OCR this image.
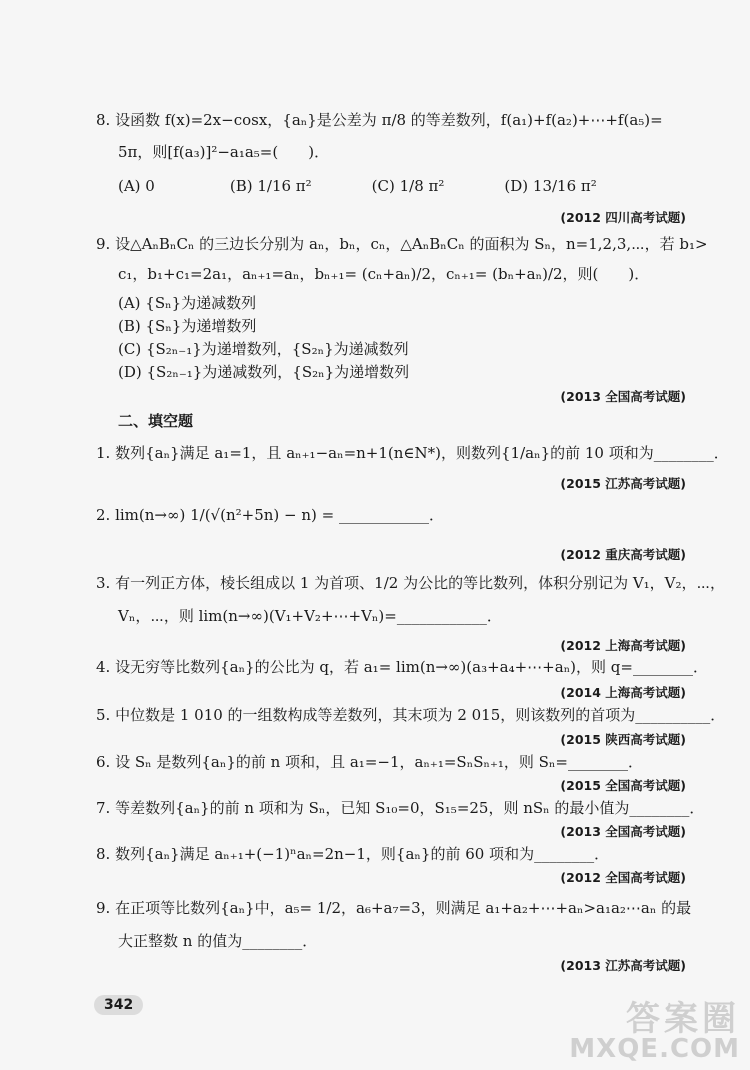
8. 设函数 f(x)=2x−cosx，{aₙ}是公差为 π/8 的等差数列，f(a₁)+f(a₂)+⋯+f(a₅)=
5π，则[f(a₃)]²−a₁a₅=(　　)．
(A) 0　　　　　(B) 1/16 π²　　　　(C) 1/8 π²　　　　(D) 13/16 π²
(2012 四川高考试题)
9. 设△AₙBₙCₙ 的三边长分别为 aₙ，bₙ，cₙ，△AₙBₙCₙ 的面积为 Sₙ，n=1,2,3,⋯，若 b₁>
c₁，b₁+c₁=2a₁，aₙ₊₁=aₙ，bₙ₊₁= (cₙ+aₙ)/2，cₙ₊₁= (bₙ+aₙ)/2，则(　　)．
(A) {Sₙ}为递减数列
(B) {Sₙ}为递增数列
(C) {S₂ₙ₋₁}为递增数列，{S₂ₙ}为递减数列
(D) {S₂ₙ₋₁}为递减数列，{S₂ₙ}为递增数列
(2013 全国高考试题)
二、填空题
1. 数列{aₙ}满足 a₁=1，且 aₙ₊₁−aₙ=n+1(n∈N*)，则数列{1/aₙ}的前 10 项和为________．
(2015 江苏高考试题)
2. lim(n→∞) 1/(√(n²+5n) − n) = ____________．
(2012 重庆高考试题)
3. 有一列正方体，棱长组成以 1 为首项、1/2 为公比的等比数列，体积分别记为 V₁，V₂，⋯，
Vₙ，⋯，则 lim(n→∞)(V₁+V₂+⋯+Vₙ)=____________．
(2012 上海高考试题)
4. 设无穷等比数列{aₙ}的公比为 q，若 a₁= lim(n→∞)(a₃+a₄+⋯+aₙ)，则 q=________．
(2014 上海高考试题)
5. 中位数是 1 010 的一组数构成等差数列，其末项为 2 015，则该数列的首项为__________．
(2015 陕西高考试题)
6. 设 Sₙ 是数列{aₙ}的前 n 项和，且 a₁=−1，aₙ₊₁=SₙSₙ₊₁，则 Sₙ=________．
(2015 全国高考试题)
7. 等差数列{aₙ}的前 n 项和为 Sₙ，已知 S₁₀=0，S₁₅=25，则 nSₙ 的最小值为________．
(2013 全国高考试题)
8. 数列{aₙ}满足 aₙ₊₁+(−1)ⁿaₙ=2n−1，则{aₙ}的前 60 项和为________．
(2012 全国高考试题)
9. 在正项等比数列{aₙ}中，a₅= 1/2，a₆+a₇=3，则满足 a₁+a₂+⋯+aₙ>a₁a₂⋯aₙ 的最
大正整数 n 的值为________．
(2013 江苏高考试题)
342	答案圈
MXQE.COM
